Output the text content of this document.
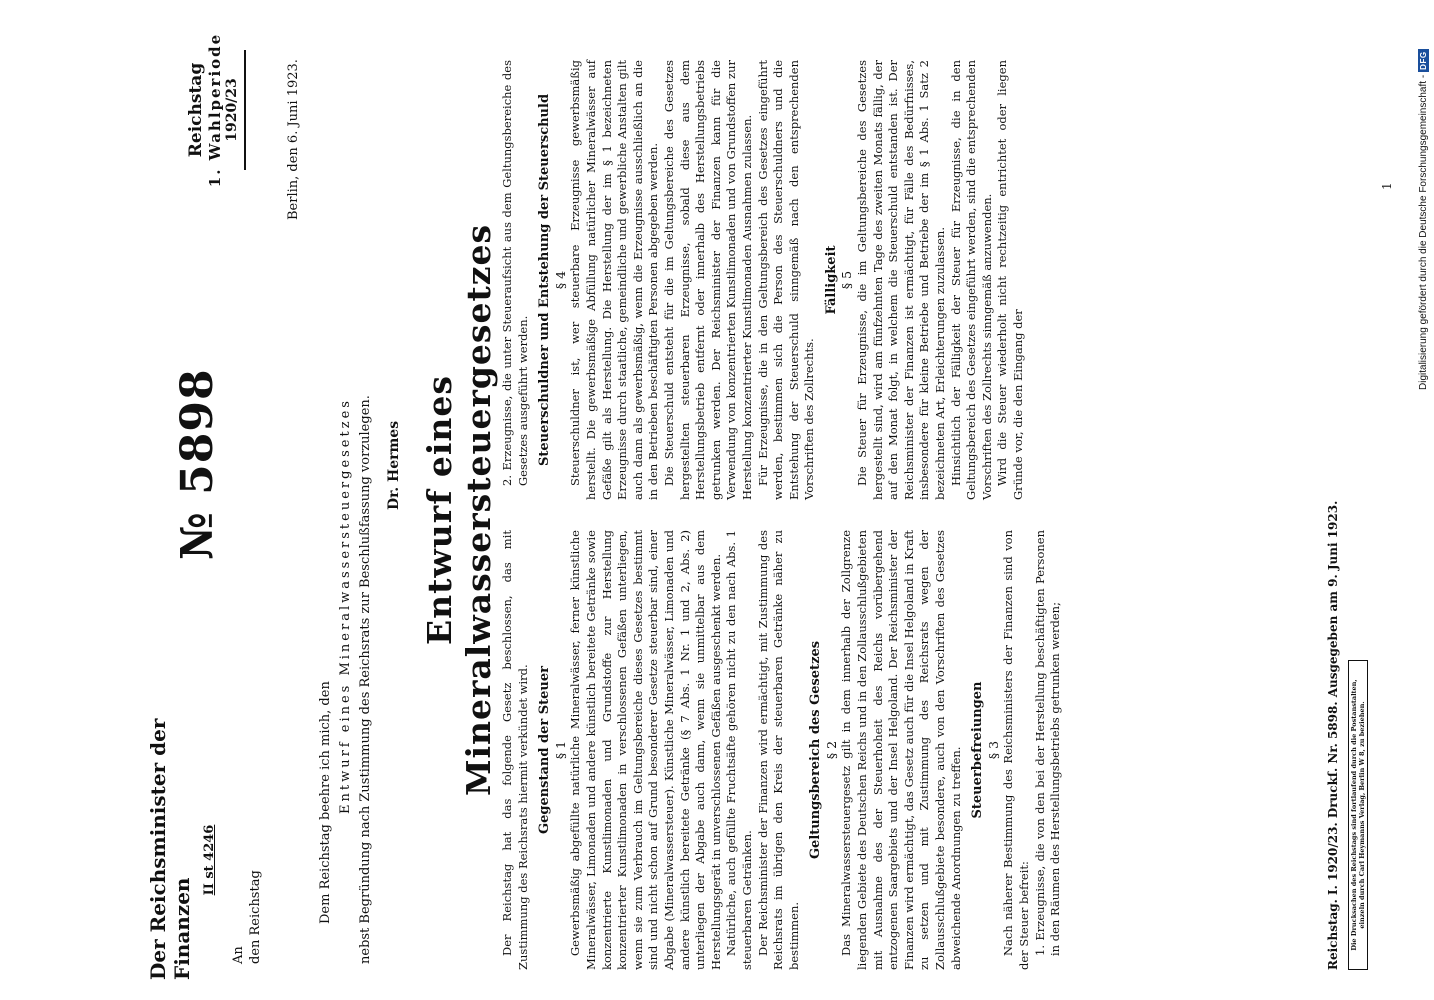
Der Reichsminister der Finanzen
II st 4246
№ 5898
Reichstag 1. Wahlperiode 1920/23
An den Reichstag
Berlin, den 6. Juni 1923.
Dem Reichstag beehre ich mich, den Entwurf eines Mineralwassersteuergesetzes nebst Begründung nach Zustimmung des Reichsrats zur Beschlußfassung vorzulegen. Dr. Hermes Entwurf eines Mineralwassersteuergesetzes Der Reichstag hat das folgende Gesetz beschlossen, das mit Zustimmung des Reichsrats hiermit verkündet wird. Gegenstand der Steuer § 1 Gewerbsmäßig abgefüllte natürliche Mineralwässer, ferner künstliche Mineralwässer, Limonaden und andere künstlich bereitete Getränke sowie konzentrierte Kunstlimonaden und Grundstoffe zur Herstellung konzentrierter Kunstlimonaden in verschlossenen Gefäßen unterliegen, wenn sie zum Verbrauch im Geltungsbereiche dieses Gesetzes bestimmt sind und nicht schon auf Grund besonderer Gesetze steuerbar sind, einer Abgabe (Mineralwassersteuer). Künstliche Mineralwässer, Limonaden und andere künstlich bereitete Getränke (§ 7 Abs. 1 Nr. 1 und 2, Abs. 2) unterliegen der Abgabe auch dann, wenn sie unmittelbar aus dem Herstellungsgerät in unverschlossenen Gefäßen ausgeschenkt werden. Natürliche, auch gefüllte Fruchtsäfte gehören nicht zu den nach Abs. 1 steuerbaren Getränken. Der Reichsminister der Finanzen wird ermächtigt, mit Zustimmung des Reichsrats im übrigen den Kreis der steuerbaren Getränke näher zu bestimmen.

Geltungsbereich des Gesetzes § 2 Das Mineralwassersteuergesetz gilt in dem innerhalb der Zollgrenze liegenden Gebiete des Deutschen Reichs und in den Zollausschlußgebieten mit Ausnahme des der Steuerhoheit des Reichs vorübergehend entzogenen Saargebiets und der Insel Helgoland. Der Reichsminister der Finanzen wird ermächtigt, das Gesetz auch für die Insel Helgoland in Kraft zu setzen und mit Zustimmung des Reichsrats wegen der Zollausschlußgebiete besondere, auch von den Vorschriften des Gesetzes abweichende Anordnungen zu treffen. Steuerbefreiungen § 3 Nach näherer Bestimmung des Reichsministers der Finanzen sind von der Steuer befreit: 1. Erzeugnisse, die von den bei der Herstellung beschäftigten Personen in den Räumen des Herstellungsbetriebs getrunken werden;

2. Erzeugnisse, die unter Steueraufsicht aus dem Geltungsbereiche des Gesetzes ausgeführt werden. Steuerschuldner und Entstehung der Steuerschuld § 4 Steuerschuldner ist, wer steuerbare Erzeugnisse gewerbsmäßig herstellt. Die gewerbsmäßige Abfüllung natürlicher Mineralwässer auf Gefäße gilt als Herstellung. Die Herstellung der im § 1 bezeichneten Erzeugnisse durch staatliche, gemeindliche und gewerbliche Anstalten gilt auch dann als gewerbsmäßig, wenn die Erzeugnisse ausschließlich an die in den Betrieben beschäftigten Personen abgegeben werden. Die Steuerschuld entsteht für die im Geltungsbereiche des Gesetzes hergestellten steuerbaren Erzeugnisse, sobald diese aus dem Herstellungsbetrieb entfernt oder innerhalb des Herstellungsbetriebs getrunken werden. Der Reichsminister der Finanzen kann für die Verwendung von konzentrierten Kunstlimonaden und von Grundstoffen zur Herstellung konzentrierter Kunstlimonaden Ausnahmen zulassen. Für Erzeugnisse, die in den Geltungsbereich des Gesetzes eingeführt werden, bestimmen sich die Person des Steuerschuldners und die Entstehung der Steuerschuld sinngemäß nach den entsprechenden Vorschriften des Zollrechts.

Fälligkeit § 5 Die Steuer für Erzeugnisse, die im Geltungsbereiche des Gesetzes hergestellt sind, wird am fünfzehnten Tage des zweiten Monats fällig, der auf den Monat folgt, in welchem die Steuerschuld entstanden ist. Der Reichsminister der Finanzen ist ermächtigt, für Fälle des Bedürfnisses, insbesondere für kleine Betriebe und Betriebe der im § 1 Abs. 1 Satz 2 bezeichneten Art, Erleichterungen zuzulassen. Hinsichtlich der Fälligkeit der Steuer für Erzeugnisse, die in den Geltungsbereich des Gesetzes eingeführt werden, sind die entsprechenden Vorschriften des Zollrechts sinngemäß anzuwenden. Wird die Steuer wiederholt nicht rechtzeitig entrichtet oder liegen Gründe vor, die den Eingang der

Reichstag. I. 1920/23. Druckſ. Nr. 5898. Ausgegeben am 9. Juni 1923. Die Drucksachen des Reichstags sind fortlaufend durch die Postanstalten, einzeln durch Carl Heymanns Verlag, Berlin W 8, zu beziehen.
1 Digitalisierung gefördert durch die Deutsche Forschungsgemeinschaft -
DFG
